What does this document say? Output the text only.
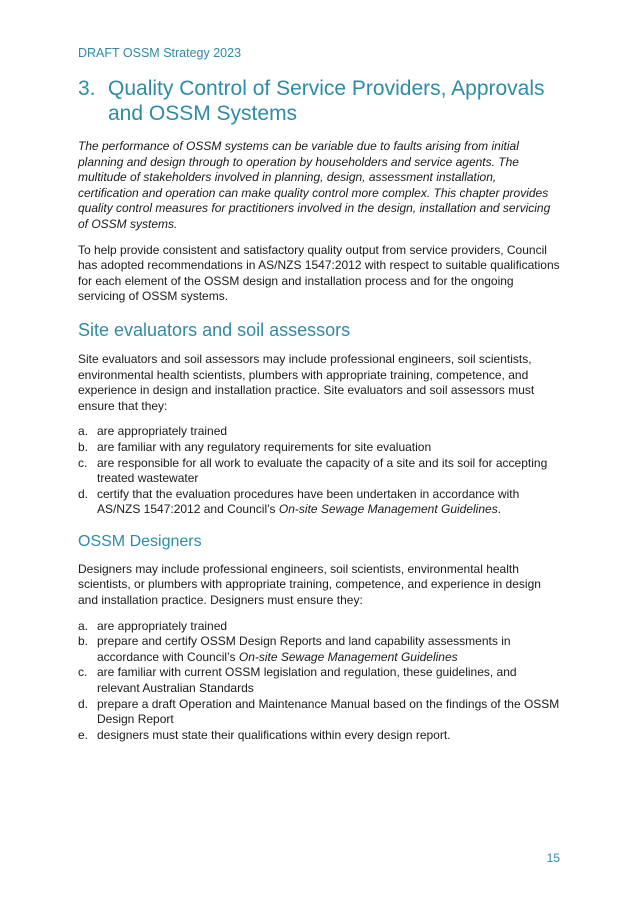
DRAFT OSSM Strategy 2023
3. Quality Control of Service Providers, Approvals and OSSM Systems

The performance of OSSM systems can be variable due to faults arising from initial planning and design through to operation by householders and service agents. The multitude of stakeholders involved in planning, design, assessment installation, certification and operation can make quality control more complex. This chapter provides quality control measures for practitioners involved in the design, installation and servicing of OSSM systems.

To help provide consistent and satisfactory quality output from service providers, Council has adopted recommendations in AS/NZS 1547:2012 with respect to suitable qualifications for each element of the OSSM design and installation process and for the ongoing servicing of OSSM systems.

Site evaluators and soil assessors

Site evaluators and soil assessors may include professional engineers, soil scientists, environmental health scientists, plumbers with appropriate training, competence, and experience in design and installation practice. Site evaluators and soil assessors must ensure that they:

a. are appropriately trained
b. are familiar with any regulatory requirements for site evaluation
c. are responsible for all work to evaluate the capacity of a site and its soil for accepting treated wastewater
d. certify that the evaluation procedures have been undertaken in accordance with AS/NZS 1547:2012 and Council’s On-site Sewage Management Guidelines.
OSSM Designers

Designers may include professional engineers, soil scientists, environmental health scientists, or plumbers with appropriate training, competence, and experience in design and installation practice. Designers must ensure they:

a. are appropriately trained
b. prepare and certify OSSM Design Reports and land capability assessments in accordance with Council’s On-site Sewage Management Guidelines
c. are familiar with current OSSM legislation and regulation, these guidelines, and relevant Australian Standards
d. prepare a draft Operation and Maintenance Manual based on the findings of the OSSM Design Report
e. designers must state their qualifications within every design report.
15
